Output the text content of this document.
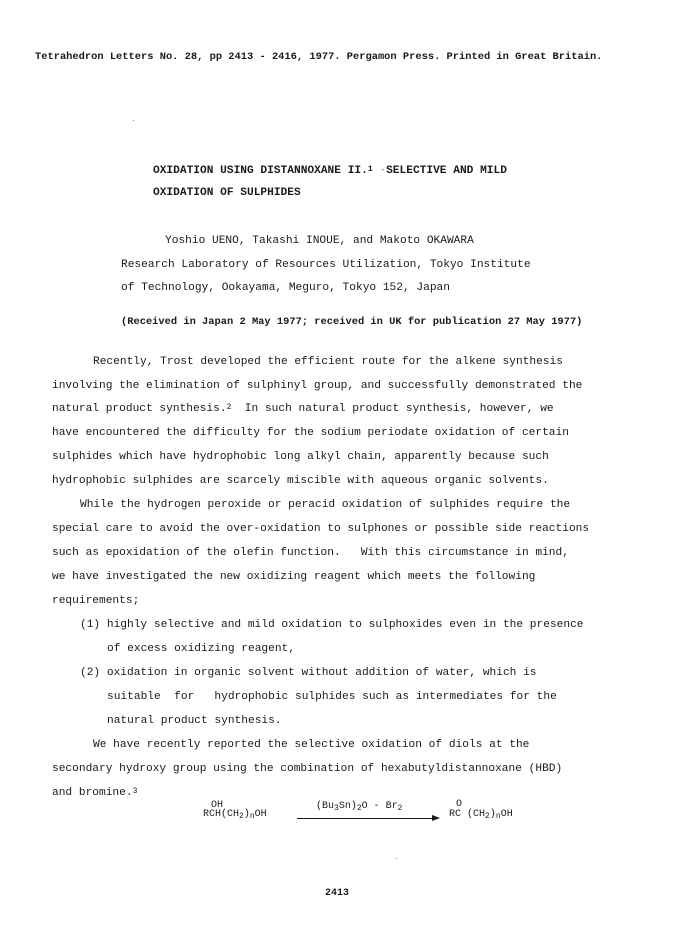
Tetrahedron Letters No. 28, pp 2413 - 2416, 1977. Pergamon Press. Printed in Great Britain.
OXIDATION USING DISTANNOXANE II.$^1$ ·SELECTIVE AND MILD
OXIDATION OF SULPHIDES
Yoshio UENO, Takashi INOUE, and Makoto OKAWARA
Research Laboratory of Resources Utilization, Tokyo Institute
of Technology, Ookayama, Meguro, Tokyo 152, Japan
(Received in Japan 2 May 1977; received in UK for publication 27 May 1977)
Recently, Trost developed the efficient route for the alkene synthesis
involving the elimination of sulphinyl group, and successfully demonstrated the
natural product synthesis.$^2$  In such natural product synthesis, however, we
have encountered the difficulty for the sodium periodate oxidation of certain
sulphides which have hydrophobic long alkyl chain, apparently because such
hydrophobic sulphides are scarcely miscible with aqueous organic solvents.
While the hydrogen peroxide or peracid oxidation of sulphides require the
special care to avoid the over-oxidation to sulphones or possible side reactions
such as epoxidation of the olefin function.   With this circumstance in mind,
we have investigated the new oxidizing reagent which meets the following
requirements;
(1) highly selective and mild oxidation to sulphoxides even in the presence
of excess oxidizing reagent,
(2) oxidation in organic solvent without addition of water, which is
suitable  for   hydrophobic sulphides such as intermediates for the
natural product synthesis.
We have recently reported the selective oxidation of diols at the
secondary hydroxy group using the combination of hexabutyldistannoxane (HBD)
and bromine.$^3$
OH
$RCH(CH_2)_nOH$
$(Bu_3Sn)_2O - Br_2$	O
RC $(CH_2)_nOH$
2413
